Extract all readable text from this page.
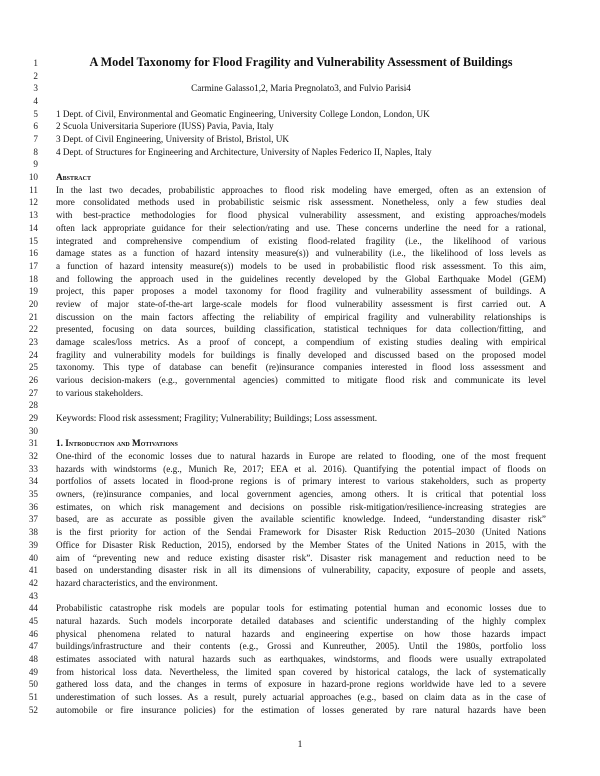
1	A Model Taxonomy for Flood Fragility and Vulnerability Assessment of Buildings
2
3	Carmine Galasso1,2, Maria Pregnolato3, and Fulvio Parisi4
4
5 1 Dept. of Civil, Environmental and Geomatic Engineering, University College London, London, UK
6 2 Scuola Universitaria Superiore (IUSS) Pavia, Pavia, Italy
7 3 Dept. of Civil Engineering, University of Bristol, Bristol, UK
8 4 Dept. of Structures for Engineering and Architecture, University of Naples Federico II, Naples, Italy
9
10 Abstract
11 In the last two decades, probabilistic approaches to flood risk modeling have emerged, often as an extension of
12 more consolidated methods used in probabilistic seismic risk assessment. Nonetheless, only a few studies deal
13 with best-practice methodologies for flood physical vulnerability assessment, and existing approaches/models
14 often lack appropriate guidance for their selection/rating and use. These concerns underline the need for a rational,
15 integrated and comprehensive compendium of existing flood-related fragility (i.e., the likelihood of various
16 damage states as a function of hazard intensity measure(s)) and vulnerability (i.e., the likelihood of loss levels as
17 a function of hazard intensity measure(s)) models to be used in probabilistic flood risk assessment. To this aim,
18 and following the approach used in the guidelines recently developed by the Global Earthquake Model (GEM)
19 project, this paper proposes a model taxonomy for flood fragility and vulnerability assessment of buildings. A
20 review of major state-of-the-art large-scale models for flood vulnerability assessment is first carried out. A
21 discussion on the main factors affecting the reliability of empirical fragility and vulnerability relationships is
22 presented, focusing on data sources, building classification, statistical techniques for data collection/fitting, and
23 damage scales/loss metrics. As a proof of concept, a compendium of existing studies dealing with empirical
24 fragility and vulnerability models for buildings is finally developed and discussed based on the proposed model
25 taxonomy. This type of database can benefit (re)insurance companies interested in flood loss assessment and
26 various decision-makers (e.g., governmental agencies) committed to mitigate flood risk and communicate its level
27 to various stakeholders.
28
29 Keywords: Flood risk assessment; Fragility; Vulnerability; Buildings; Loss assessment.
30
31 1. Introduction and Motivations
32 One-third of the economic losses due to natural hazards in Europe are related to flooding, one of the most frequent
33 hazards with windstorms (e.g., Munich Re, 2017; EEA et al. 2016). Quantifying the potential impact of floods on
34 portfolios of assets located in flood-prone regions is of primary interest to various stakeholders, such as property
35 owners, (re)insurance companies, and local government agencies, among others. It is critical that potential loss
36 estimates, on which risk management and decisions on possible risk-mitigation/resilience-increasing strategies are
37 based, are as accurate as possible given the available scientific knowledge. Indeed, “understanding disaster risk”
38 is the first priority for action of the Sendai Framework for Disaster Risk Reduction 2015–2030 (United Nations
39 Office for Disaster Risk Reduction, 2015), endorsed by the Member States of the United Nations in 2015, with the
40 aim of “preventing new and reduce existing disaster risk”. Disaster risk management and reduction need to be
41 based on understanding disaster risk in all its dimensions of vulnerability, capacity, exposure of people and assets,
42 hazard characteristics, and the environment.
43
44 Probabilistic catastrophe risk models are popular tools for estimating potential human and economic losses due to
45 natural hazards. Such models incorporate detailed databases and scientific understanding of the highly complex
46 physical phenomena related to natural hazards and engineering expertise on how those hazards impact
47 buildings/infrastructure and their contents (e.g., Grossi and Kunreuther, 2005). Until the 1980s, portfolio loss
48 estimates associated with natural hazards such as earthquakes, windstorms, and floods were usually extrapolated
49 from historical loss data. Nevertheless, the limited span covered by historical catalogs, the lack of systematically
50 gathered loss data, and the changes in terms of exposure in hazard-prone regions worldwide have led to a severe
51 underestimation of such losses. As a result, purely actuarial approaches (e.g., based on claim data as in the case of
52 automobile or fire insurance policies) for the estimation of losses generated by rare natural hazards have been
1
